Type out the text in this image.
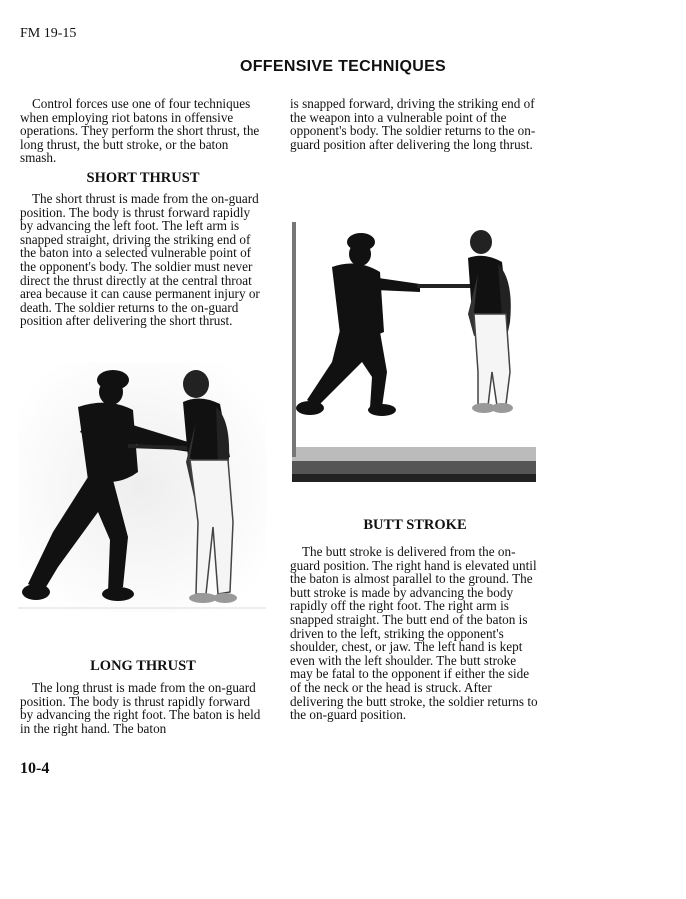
FM 19-15
OFFENSIVE TECHNIQUES

Control forces use one of four techniques when employing riot batons in offensive operations. They perform the short thrust, the long thrust, the butt stroke, or the baton smash.

SHORT THRUST

The short thrust is made from the on-guard position. The body is thrust forward rapidly by advancing the left foot. The left arm is snapped straight, driving the striking end of the baton into a selected vulnerable point of the opponent's body. The soldier must never direct the thrust directly at the central throat area because it can cause permanent injury or death. The soldier returns to the on-guard position after delivering the short thrust.

LONG THRUST

The long thrust is made from the on-guard position. The body is thrust rapidly forward by advancing the right foot. The baton is held in the right hand. The baton

is snapped forward, driving the striking end of the weapon into a vulnerable point of the opponent's body. The soldier returns to the on-guard position after delivering the long thrust.

BUTT STROKE

The butt stroke is delivered from the on-guard position. The right hand is elevated until the baton is almost parallel to the ground. The butt stroke is made by advancing the body rapidly off the right foot. The right arm is snapped straight. The butt end of the baton is driven to the left, striking the opponent's shoulder, chest, or jaw. The left hand is kept even with the left shoulder. The butt stroke may be fatal to the opponent if either the side of the neck or the head is struck. After delivering the butt stroke, the soldier returns to the on-guard position.

10-4
